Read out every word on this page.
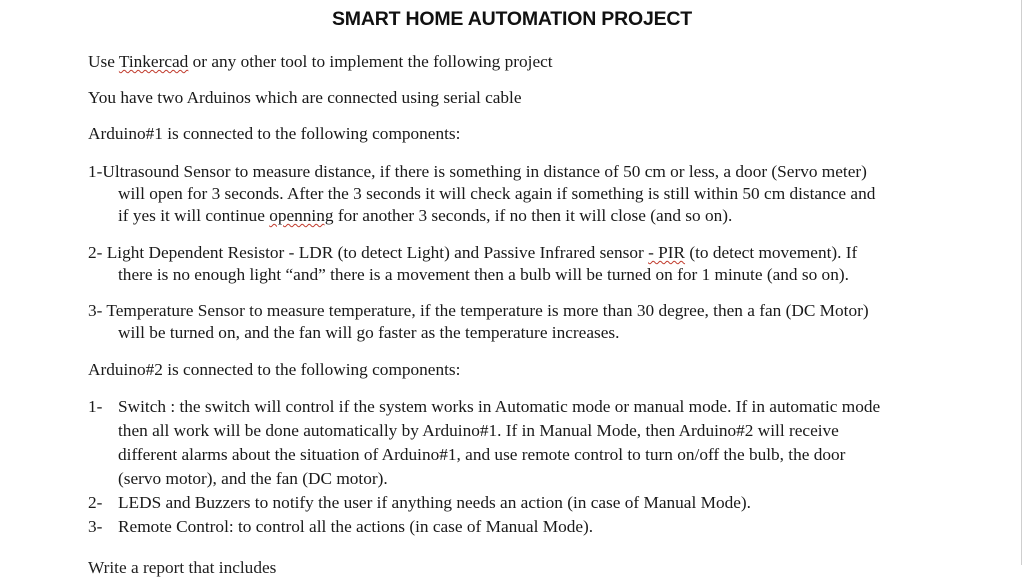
SMART HOME AUTOMATION PROJECT
Use Tinkercad or any other tool to implement the following project
You have two Arduinos which are connected using serial cable
Arduino#1 is connected to the following components:
1-Ultrasound Sensor to measure distance, if there is something in distance of 50 cm or less, a door (Servo meter)
will open for 3 seconds. After the 3 seconds it will check again if something is still within 50 cm distance and
if yes it will continue openning for another 3 seconds, if no then it will close (and so on).
2- Light Dependent Resistor - LDR (to detect Light) and Passive Infrared sensor - PIR (to detect movement). If
there is no enough light “and” there is a movement then a bulb will be turned on for 1 minute (and so on).
3- Temperature Sensor to measure temperature, if the temperature is more than 30 degree, then a fan (DC Motor)
will be turned on, and the fan will go faster as the temperature increases.
Arduino#2 is connected to the following components:
1- Switch : the switch will control if the system works in Automatic mode or manual mode. If in automatic mode
then all work will be done automatically by Arduino#1. If in Manual Mode, then Arduino#2 will receive
different alarms about the situation of Arduino#1, and use remote control to turn on/off the bulb, the door
(servo motor), and the fan (DC motor).
2- LEDS and Buzzers to notify the user if anything needs an action (in case of Manual Mode).
3- Remote Control: to control all the actions (in case of Manual Mode).
Write a report that includes
